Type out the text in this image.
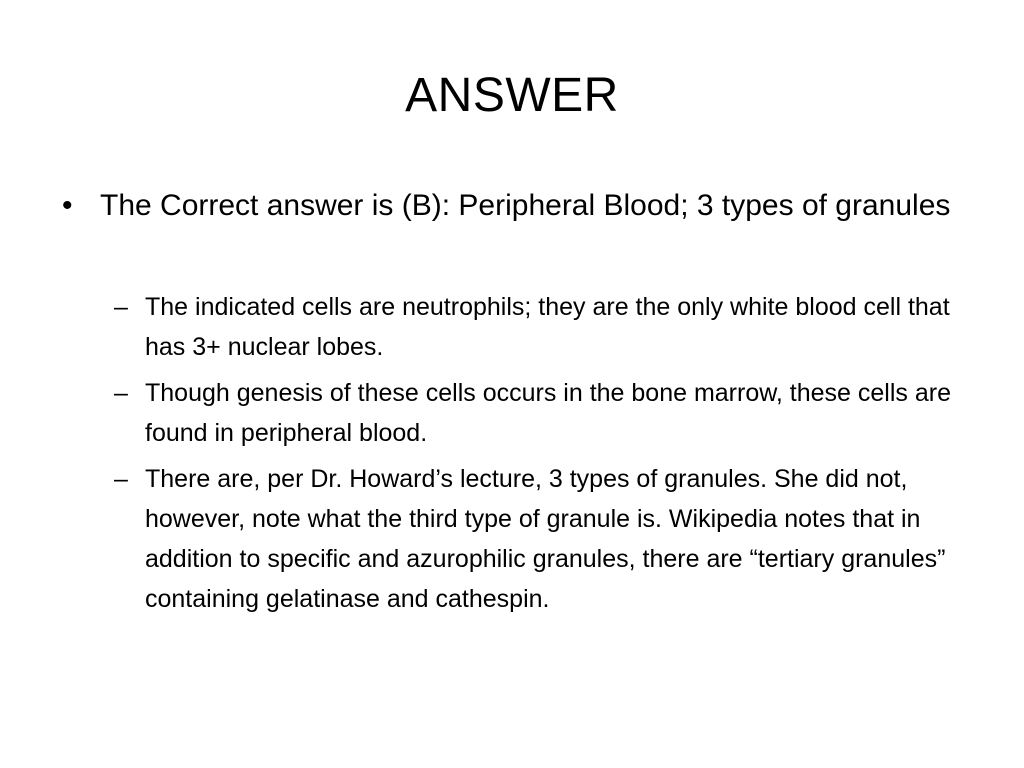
ANSWER
•
The Correct answer is (B): Peripheral Blood; 3 types of granules
–
The indicated cells are neutrophils; they are the only white blood cell that has 3+ nuclear lobes.
–
Though genesis of these cells occurs in the bone marrow, these cells are found in peripheral blood.
–
There are, per Dr. Howard’s lecture, 3 types of granules. She did not, however, note what the third type of granule is. Wikipedia notes that in addition to specific and azurophilic granules, there are “tertiary granules” containing gelatinase and cathespin.
